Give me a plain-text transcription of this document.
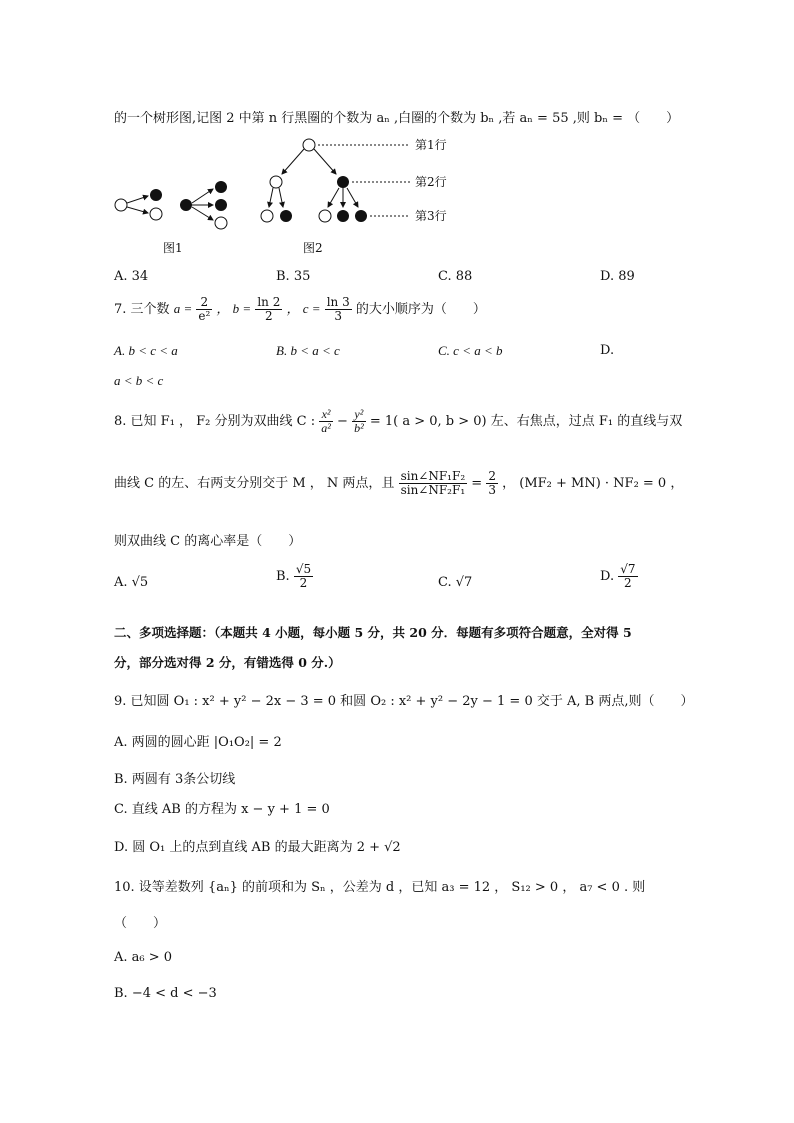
的一个树形图,记图 2 中第 n 行黑圈的个数为 aₙ ,白圈的个数为 bₙ ,若 aₙ = 55 ,则 bₙ = （　　）
图1
第1行
第2行
第3行
图2
A. 34	B. 35	C. 88	D. 89
7. 三个数 $a = \frac{2}{\text{e²}}$ ， $b = \frac{\ln 2}{2}$ ， $c = \frac{\ln 3}{3}$ 的大小顺序为（　　）
A. b < c < a	B. b < a < c	C. c < a < b	D.
a < b < c
8. 已知 F₁ ， F₂ 分别为双曲线 C : $\frac{\text{x²}}{\text{a²}} - \frac{\text{y²}}{\text{b²}} = 1$( a > 0, b > 0) 左、右焦点，过点 F₁ 的直线与双
曲线 C 的左、右两支分别交于 M ， N 两点，且 $\frac{\text{sin∠NF₁F₂}}{\text{sin∠NF₂F₁}} = \frac{2}{3}$ ， (MF₂ + MN) · NF₂ = 0 ，
则双曲线 C 的离心率是（　　）
A. √5	B. $\frac{√5}{2}$	C. √7	D. $\frac{√7}{2}$
二、多项选择题：（本题共 4 小题，每小题 5 分，共 20 分．每题有多项符合题意，全对得 5
分，部分选对得 2 分，有错选得 0 分.）
9. 已知圆 O₁ : x² + y² − 2x − 3 = 0 和圆 O₂ : x² + y² − 2y − 1 = 0 交于 A, B 两点,则（　　）
A. 两圆的圆心距 |O₁O₂| = 2
B. 两圆有 3条公切线
C. 直线 AB 的方程为 x − y + 1 = 0
D. 圆 O₁ 上的点到直线 AB 的最大距离为 2 + √2
10. 设等差数列 {aₙ} 的前项和为 Sₙ ，公差为 d ，已知 a₃ = 12 ， S₁₂ > 0 ， a₇ < 0 . 则
（　　）
A. a₆ > 0
B. −4 < d < −3
